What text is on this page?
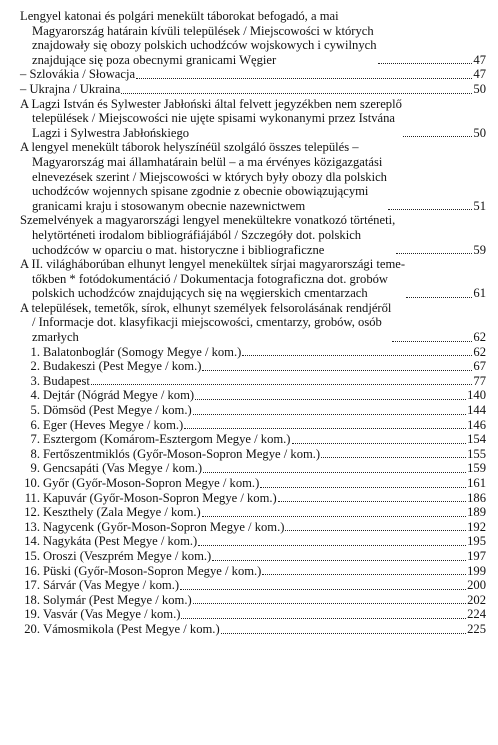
Lengyel katonai és polgári menekült táborokat befogadó, a mai
Magyarország határain kívüli települések / Miejscowości w których
znajdowały się obozy polskich uchodźców wojskowych i cywilnych
znajdujące się poza obecnymi granicami Węgier	47
– Szlovákia / Słowacja	47
– Ukrajna / Ukraina	50
A Lagzi István és Sylwester Jabłoński által felvett jegyzékben nem szereplő
települések / Miejscowości nie ujęte spisami wykonanymi przez Istvána
Lagzi i Sylwestra Jabłońskiego	50
A lengyel menekült táborok helyszínéül szolgáló összes település –
Magyarország mai államhatárain belül – a ma érvényes közigazgatási
elnevezések szerint / Miejscowości w których były obozy dla polskich
uchodźców wojennych spisane zgodnie z obecnie obowiązującymi
granicami kraju i stosowanym obecnie nazewnictwem	51
Szemelvények a magyarországi lengyel menekültekre vonatkozó történeti,
helytörténeti irodalom bibliográfiájából / Szczegóły dot. polskich
uchodźców w oparciu o mat. historyczne i bibliograficzne	59
A II. világháborúban elhunyt lengyel menekültek sírjai magyarországi teme-
tőkben * fotódokumentáció / Dokumentacja fotograficzna dot. grobów
polskich uchodźców znajdujących się na węgierskich cmentarzach	61
A települések, temetők, sírok, elhunyt személyek felsorolásának rendjéről
/ Informacje dot. klasyfikacji miejscowości, cmentarzy, grobów, osób
zmarłych	62
1. Balatonboglár (Somogy Megye / kom.)	62
2. Budakeszi (Pest Megye / kom.)	67
3. Budapest	77
4. Dejtár (Nógrád Megye / kom)	140
5. Dömsöd (Pest Megye / kom.)	144
6. Eger (Heves Megye / kom.)	146
7. Esztergom (Komárom-Esztergom Megye / kom.)	154
8. Fertőszentmiklós (Győr-Moson-Sopron Megye / kom.)	155
9. Gencsapáti (Vas Megye / kom.)	159
10. Győr (Győr-Moson-Sopron Megye / kom.)	161
11. Kapuvár (Győr-Moson-Sopron Megye / kom.)	186
12. Keszthely (Zala Megye / kom.)	189
13. Nagycenk (Győr-Moson-Sopron Megye / kom.)	192
14. Nagykáta (Pest Megye / kom.)	195
15. Oroszi (Veszprém Megye / kom.)	197
16. Püski (Győr-Moson-Sopron Megye / kom.)	199
17. Sárvár (Vas Megye / kom.)	200
18. Solymár (Pest Megye / kom.)	202
19. Vasvár (Vas Megye / kom.)	224
20. Vámosmikola (Pest Megye / kom.)	225
